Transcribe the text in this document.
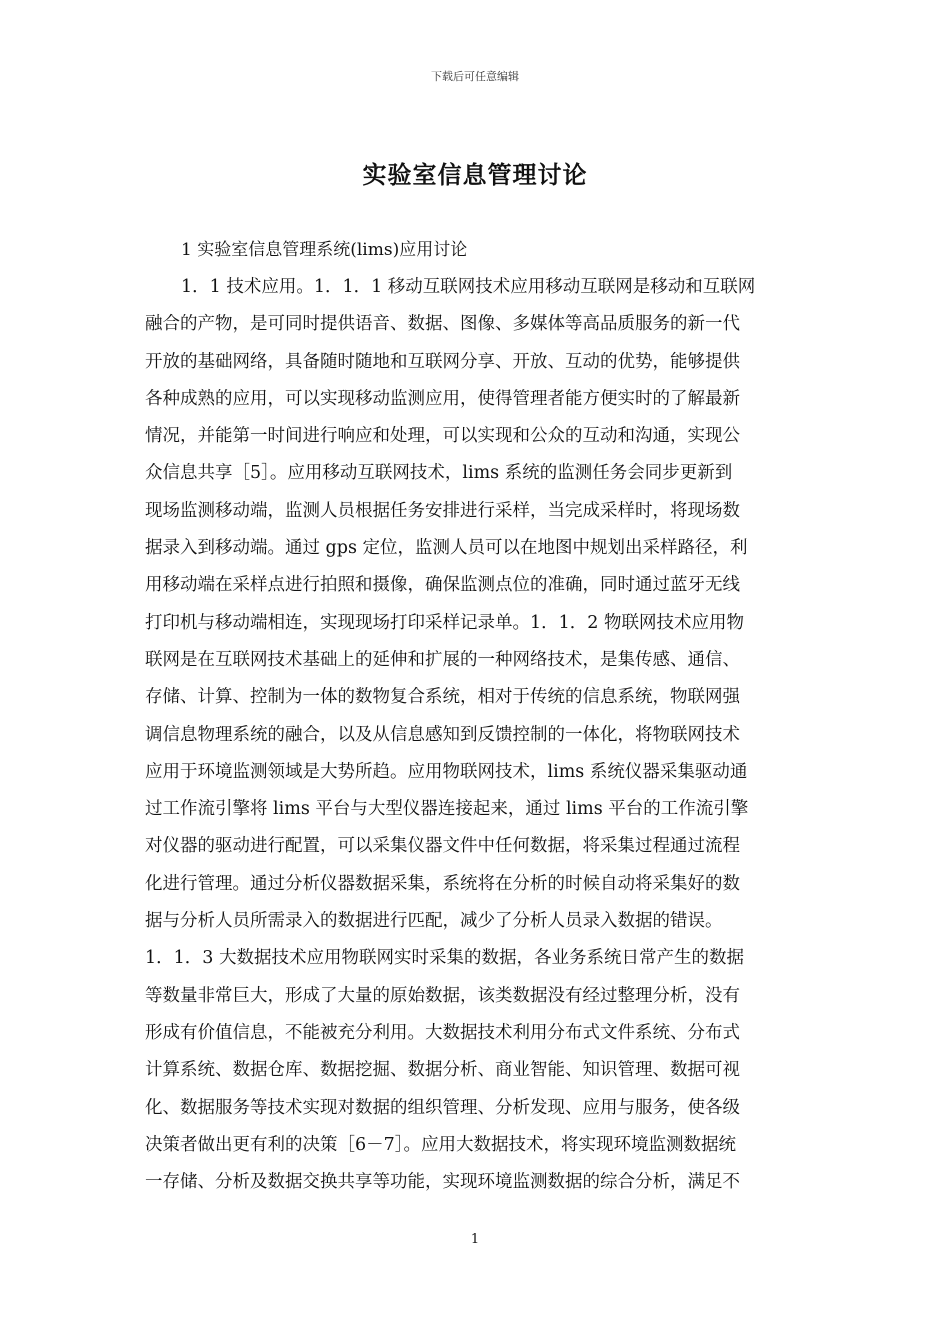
下载后可任意编辑
实验室信息管理讨论
1 实验室信息管理系统(lims)应用讨论
1．1 技术应用。1．1．1 移动互联网技术应用移动互联网是移动和互联网
融合的产物，是可同时提供语音、数据、图像、多媒体等高品质服务的新一代
开放的基础网络，具备随时随地和互联网分享、开放、互动的优势，能够提供
各种成熟的应用，可以实现移动监测应用，使得管理者能方便实时的了解最新
情况，并能第一时间进行响应和处理，可以实现和公众的互动和沟通，实现公
众信息共享［5］。应用移动互联网技术，lims 系统的监测任务会同步更新到
现场监测移动端，监测人员根据任务安排进行采样，当完成采样时，将现场数
据录入到移动端。通过 gps 定位，监测人员可以在地图中规划出采样路径，利
用移动端在采样点进行拍照和摄像，确保监测点位的准确，同时通过蓝牙无线
打印机与移动端相连，实现现场打印采样记录单。1．1．2 物联网技术应用物
联网是在互联网技术基础上的延伸和扩展的一种网络技术，是集传感、通信、
存储、计算、控制为一体的数物复合系统，相对于传统的信息系统，物联网强
调信息物理系统的融合，以及从信息感知到反馈控制的一体化，将物联网技术
应用于环境监测领域是大势所趋。应用物联网技术，lims 系统仪器采集驱动通
过工作流引擎将 lims 平台与大型仪器连接起来，通过 lims 平台的工作流引擎
对仪器的驱动进行配置，可以采集仪器文件中任何数据，将采集过程通过流程
化进行管理。通过分析仪器数据采集，系统将在分析的时候自动将采集好的数
据与分析人员所需录入的数据进行匹配，减少了分析人员录入数据的错误。
1．1．3 大数据技术应用物联网实时采集的数据，各业务系统日常产生的数据
等数量非常巨大，形成了大量的原始数据，该类数据没有经过整理分析，没有
形成有价值信息，不能被充分利用。大数据技术利用分布式文件系统、分布式
计算系统、数据仓库、数据挖掘、数据分析、商业智能、知识管理、数据可视
化、数据服务等技术实现对数据的组织管理、分析发现、应用与服务，使各级
决策者做出更有利的决策［6－7］。应用大数据技术，将实现环境监测数据统
一存储、分析及数据交换共享等功能，实现环境监测数据的综合分析，满足不
1
